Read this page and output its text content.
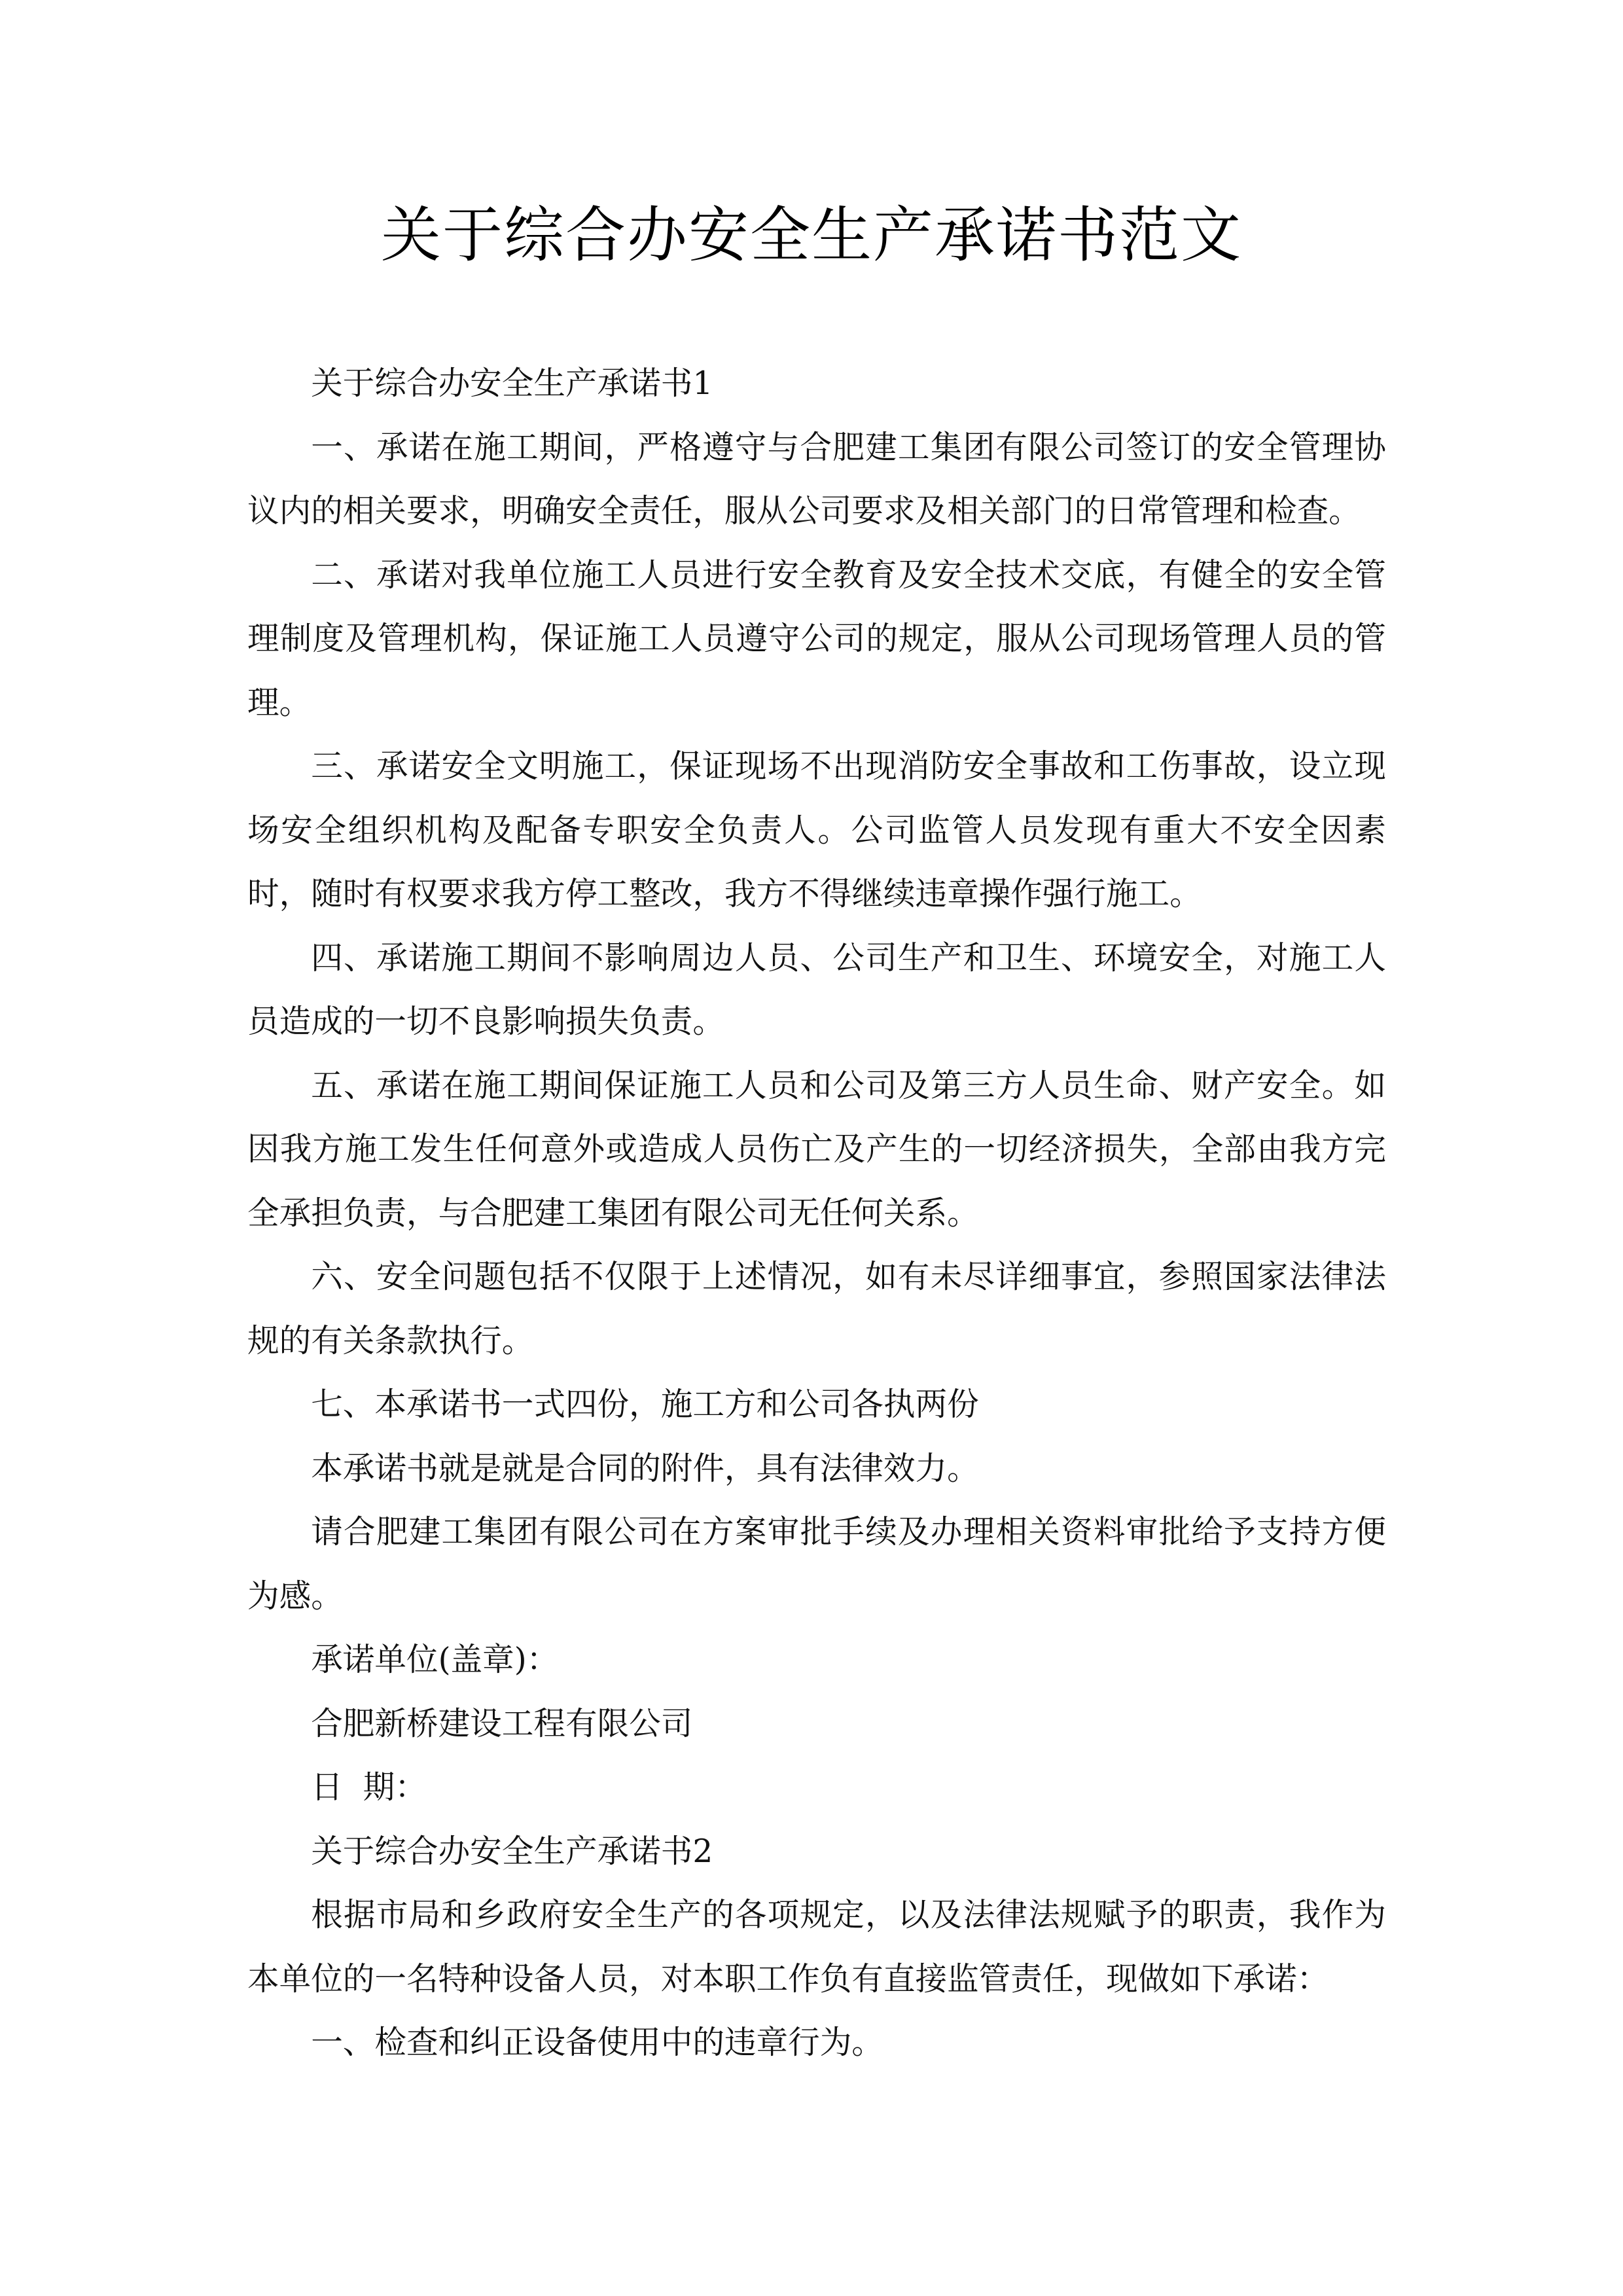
关于综合办安全生产承诺书范文

关于综合办安全生产承诺书1

一、承诺在施工期间，严格遵守与合肥建工集团有限公司签订的安全管理协议内的相关要求，明确安全责任，服从公司要求及相关部门的日常管理和检查。

二、承诺对我单位施工人员进行安全教育及安全技术交底，有健全的安全管理制度及管理机构，保证施工人员遵守公司的规定，服从公司现场管理人员的管理。

三、承诺安全文明施工，保证现场不出现消防安全事故和工伤事故，设立现场安全组织机构及配备专职安全负责人。公司监管人员发现有重大不安全因素时，随时有权要求我方停工整改，我方不得继续违章操作强行施工。

四、承诺施工期间不影响周边人员、公司生产和卫生、环境安全，对施工人员造成的一切不良影响损失负责。

五、承诺在施工期间保证施工人员和公司及第三方人员生命、财产安全。如因我方施工发生任何意外或造成人员伤亡及产生的一切经济损失，全部由我方完全承担负责，与合肥建工集团有限公司无任何关系。

六、安全问题包括不仅限于上述情况，如有未尽详细事宜，参照国家法律法规的有关条款执行。

七、本承诺书一式四份，施工方和公司各执两份

本承诺书就是就是合同的附件，具有法律效力。

请合肥建工集团有限公司在方案审批手续及办理相关资料审批给予支持方便为感。

承诺单位(盖章)：

合肥新桥建设工程有限公司

日  期：

关于综合办安全生产承诺书2

根据市局和乡政府安全生产的各项规定，以及法律法规赋予的职责，我作为本单位的一名特种设备人员，对本职工作负有直接监管责任，现做如下承诺：

一、检查和纠正设备使用中的违章行为。
